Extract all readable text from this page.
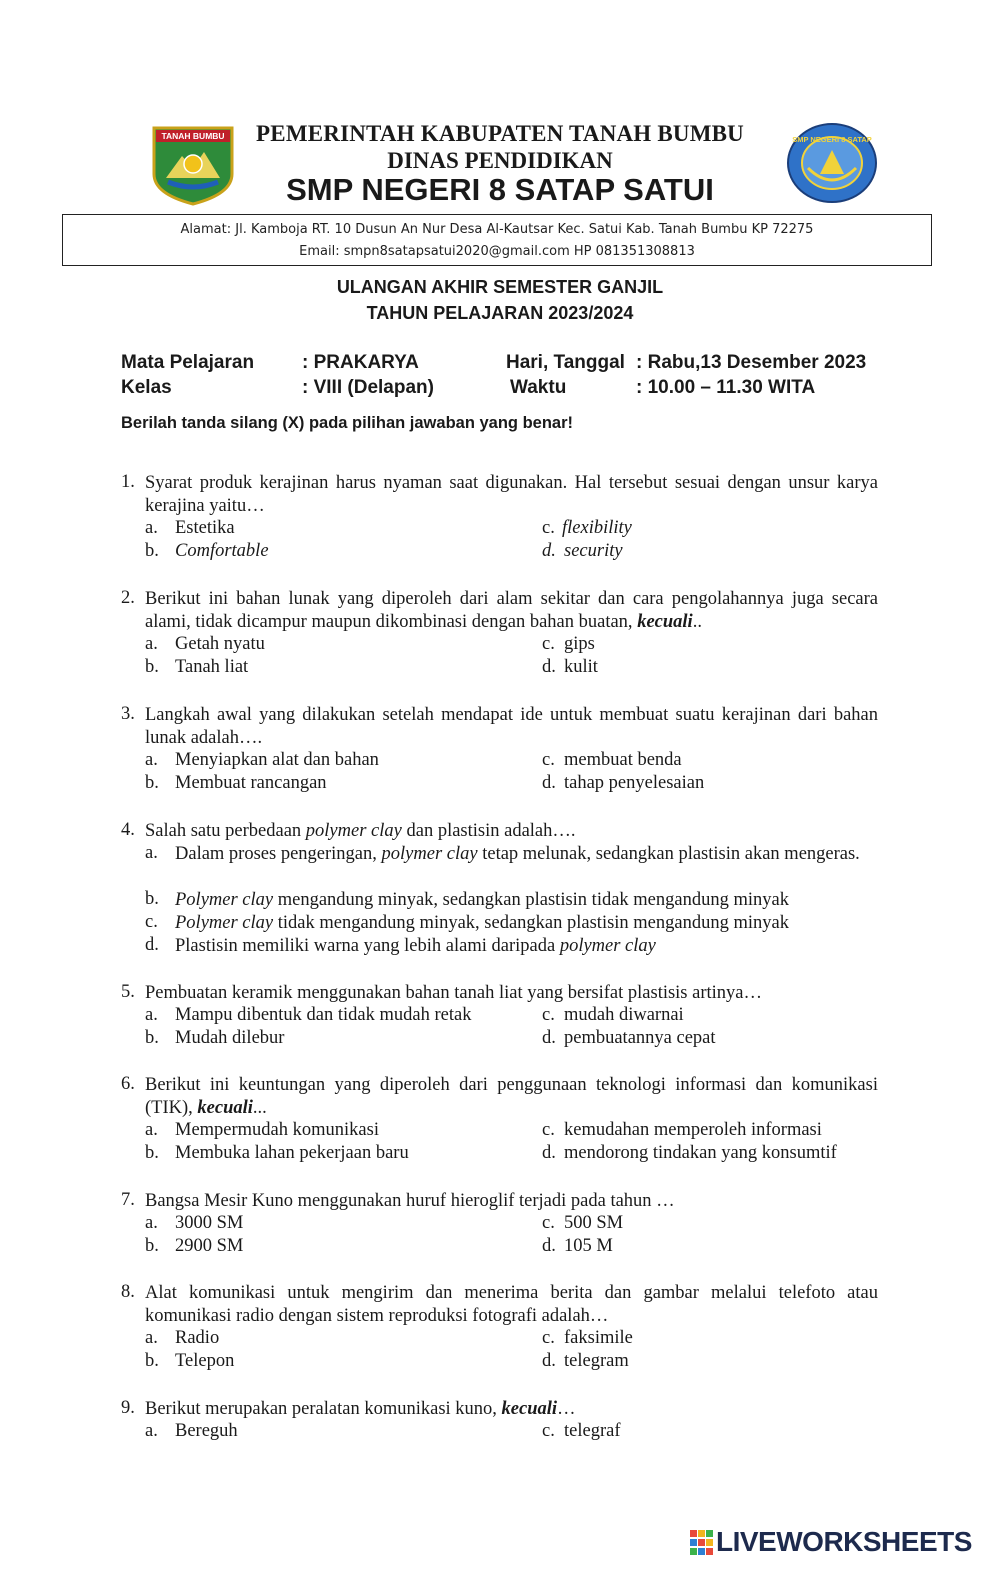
TANAH BUMBU	SMP NEGERI 8 SATAP
PEMERINTAH KABUPATEN TANAH BUMBU
DINAS PENDIDIKAN
SMP NEGERI 8 SATAP SATUI
Alamat: Jl. Kamboja RT. 10 Dusun An Nur Desa Al-Kautsar Kec. Satui Kab. Tanah Bumbu KP 72275
Email: smpn8satapsatui2020@gmail.com HP 081351308813
ULANGAN AKHIR SEMESTER GANJIL
TAHUN PELAJARAN 2023/2024
Mata Pelajaran	: PRAKARYA	Hari, Tanggal : Rabu,13 Desember 2023
Kelas	: VIII (Delapan)	Waktu	: 10.00 – 11.30 WITA
Berilah tanda silang (X) pada pilihan jawaban yang benar!
1. Syarat produk kerajinan harus nyaman saat digunakan. Hal tersebut sesuai dengan unsur karya kerajina yaitu…
a. Estetika	c. flexibility
b. Comfortable	d. security
2. Berikut ini bahan lunak yang diperoleh dari alam sekitar dan cara pengolahannya juga secara alami, tidak dicampur maupun dikombinasi dengan bahan buatan, kecuali..
a. Getah nyatu	c. gips
b. Tanah liat	d. kulit
3. Langkah awal yang dilakukan setelah mendapat ide untuk membuat suatu kerajinan dari bahan lunak adalah….
a. Menyiapkan alat dan bahan	c. membuat benda
b. Membuat rancangan	d. tahap penyelesaian
4. Salah satu perbedaan polymer clay dan plastisin adalah….
a. Dalam proses pengeringan, polymer clay tetap melunak, sedangkan plastisin akan mengeras.
b. Polymer clay mengandung minyak, sedangkan plastisin tidak mengandung minyak
c. Polymer clay tidak mengandung minyak, sedangkan plastisin mengandung minyak
d. Plastisin memiliki warna yang lebih alami daripada polymer clay
5. Pembuatan keramik menggunakan bahan tanah liat yang bersifat plastisis artinya…
a. Mampu dibentuk dan tidak mudah retak	c. mudah diwarnai
b. Mudah dilebur	d. pembuatannya cepat
6. Berikut ini keuntungan yang diperoleh dari penggunaan teknologi informasi dan komunikasi (TIK), kecuali...
a. Mempermudah komunikasi	c. kemudahan memperoleh informasi
b. Membuka lahan pekerjaan baru	d. mendorong tindakan yang konsumtif
7. Bangsa Mesir Kuno menggunakan huruf hieroglif terjadi pada tahun …
a. 3000 SM	c. 500 SM
b. 2900 SM	d. 105 M
8. Alat komunikasi untuk mengirim dan menerima berita dan gambar melalui telefoto atau komunikasi radio dengan sistem reproduksi fotografi adalah…
a. Radio	c. faksimile
b. Telepon	d. telegram
9. Berikut merupakan peralatan komunikasi kuno, kecuali…
a. Bereguh	c. telegraf
LIVEWORKSHEETS
